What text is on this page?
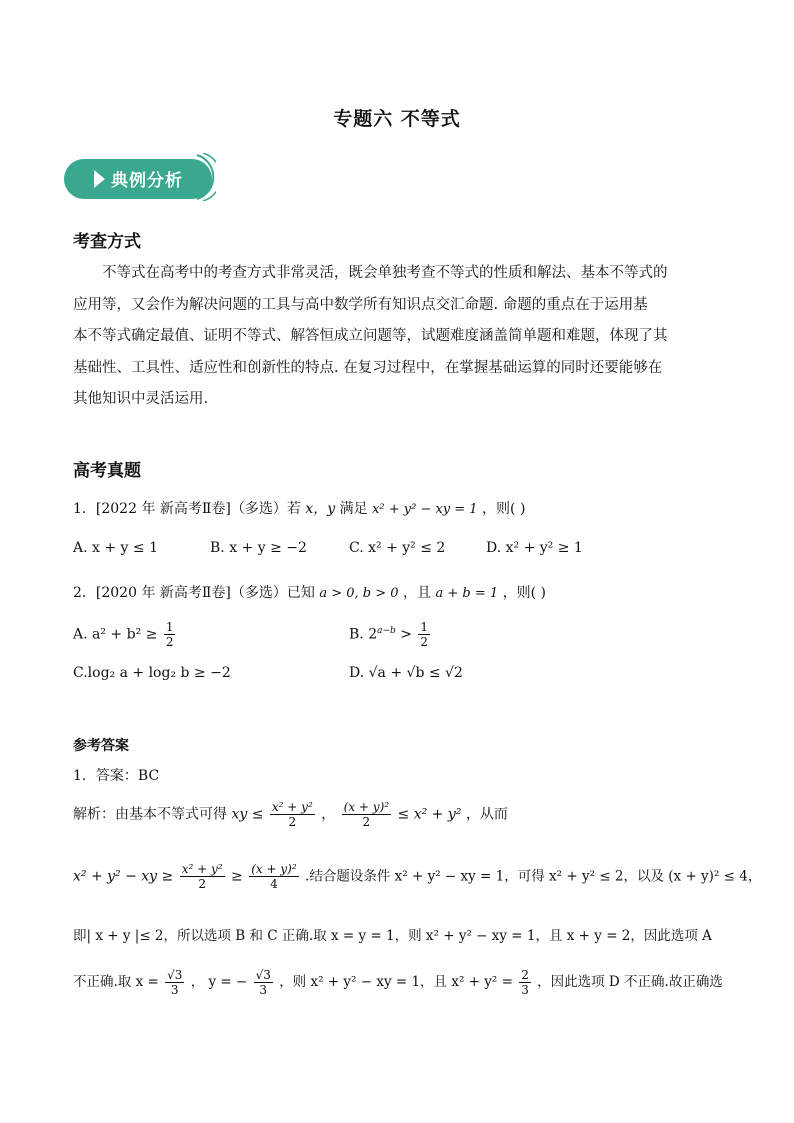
专题六 不等式
典例分析
考查方式
不等式在高考中的考查方式非常灵活，既会单独考查不等式的性质和解法、基本不等式的
应用等，又会作为解决问题的工具与高中数学所有知识点交汇命题. 命题的重点在于运用基
本不等式确定最值、证明不等式、解答恒成立问题等，试题难度涵盖简单题和难题，体现了其
基础性、工具性、适应性和创新性的特点. 在复习过程中，在掌握基础运算的同时还要能够在
其他知识中灵活运用.
高考真题
1．[2022 年 新高考Ⅱ卷]（多选）若 x，y 满足 x² + y² − xy = 1 ，则( )
A. x + y ≤ 1	B. x + y ≥ −2	C. x² + y² ≤ 2	D. x² + y² ≥ 1
2．[2020 年 新高考Ⅱ卷]（多选）已知 a > 0, b > 0 ，且 a + b = 1 ，则( )
A. $a^2 + b^2 \ge \frac{1}{2}$	B. $2^{a-b} > \frac{1}{2}$
C.log₂ a + log₂ b ≥ −2	D. √a + √b ≤ √2
参考答案
1．答案：BC
解析：由基本不等式可得 xy ≤ $\frac{\text{x² + y²}}{2}$ ， $\frac{\text{(x + y)²}}{2} \le x^2 + y^2$ ，从而
x² + y² − xy ≥ $\frac{\text{x² + y²}}{2} \ge \frac{\text{(x + y)²}}{4}$ .结合题设条件 x² + y² − xy = 1，可得 x² + y² ≤ 2，以及 (x + y)² ≤ 4，
即| x + y |≤ 2，所以选项 B 和 C 正确.取 x = y = 1，则 x² + y² − xy = 1，且 x + y = 2，因此选项 A
不正确.取 $x = \frac{√3}{3}$ ， y = − $\frac{√3}{3}$ ，则 x² + y² − xy = 1，且 $x^2 + y^2 = \frac{2}{3}$ ，因此选项 D 不正确.故正确选
